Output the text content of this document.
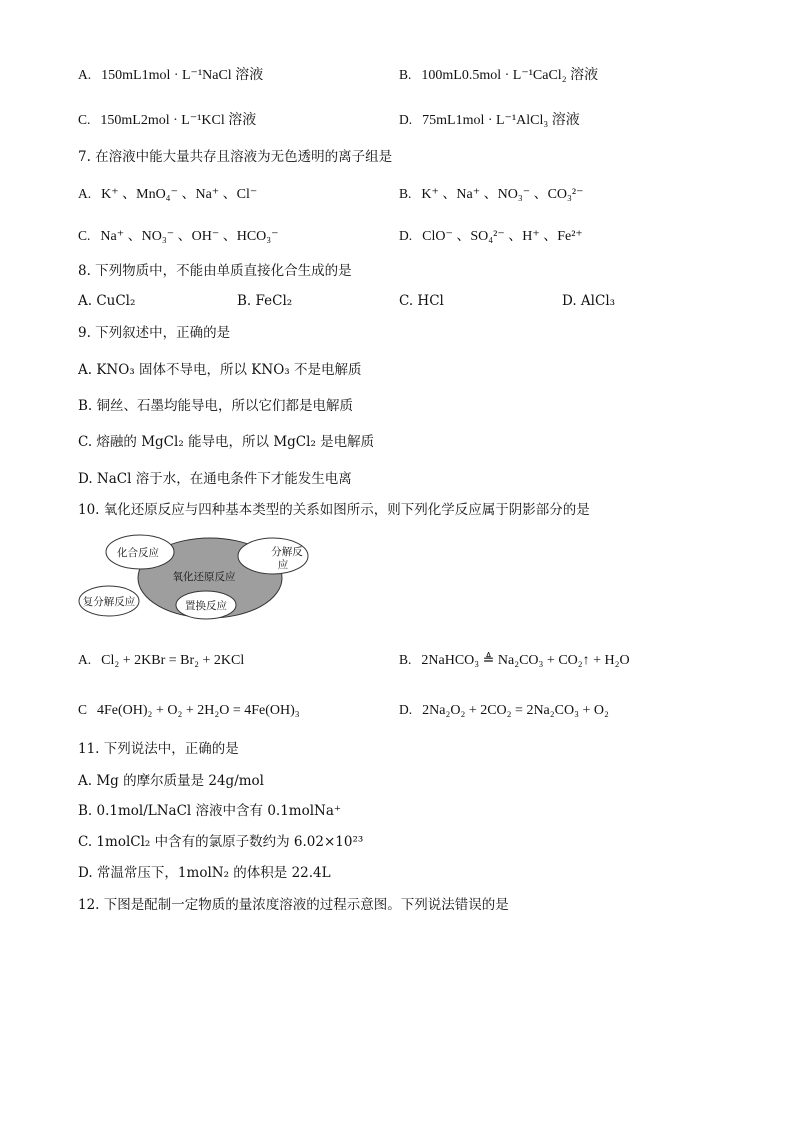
A. 150mL1mol · L⁻¹NaCl 溶液	B. 100mL0.5mol · L⁻¹CaCl₂ 溶液
C. 150mL2mol · L⁻¹KCl 溶液	D. 75mL1mol · L⁻¹AlCl₃ 溶液
7. 在溶液中能大量共存且溶液为无色透明的离子组是
A. K⁺ 、MnO₄⁻ 、Na⁺ 、Cl⁻	B. K⁺ 、Na⁺ 、NO₃⁻ 、CO₃²⁻
C. Na⁺ 、NO₃⁻ 、OH⁻ 、HCO₃⁻	D. ClO⁻ 、SO₄²⁻ 、H⁺ 、Fe²⁺
8. 下列物质中，不能由单质直接化合生成的是
A. CuCl₂	B. FeCl₂	C. HCl	D. AlCl₃
9. 下列叙述中，正确的是
A. KNO₃ 固体不导电，所以 KNO₃ 不是电解质
B. 铜丝、石墨均能导电，所以它们都是电解质
C. 熔融的 MgCl₂ 能导电，所以 MgCl₂ 是电解质
D. NaCl 溶于水，在通电条件下才能发生电离
10. 氧化还原反应与四种基本类型的关系如图所示，则下列化学反应属于阴影部分的是
氧化还原反应
化合反应	分解反
应
复分解反应	置换反应
A. Cl₂ + 2KBr = Br₂ + 2KCl	B. 2NaHCO₃ ≜ Na₂CO₃ + CO₂↑ + H₂O
C 4Fe(OH)₂ + O₂ + 2H₂O = 4Fe(OH)₃	D. 2Na₂O₂ + 2CO₂ = 2Na₂CO₃ + O₂
11. 下列说法中，正确的是
A. Mg 的摩尔质量是 24g/mol
B. 0.1mol/LNaCl 溶液中含有 0.1molNa⁺
C. 1molCl₂ 中含有的氯原子数约为 6.02×10²³
D. 常温常压下，1molN₂ 的体积是 22.4L
12. 下图是配制一定物质的量浓度溶液的过程示意图。下列说法错误的是
